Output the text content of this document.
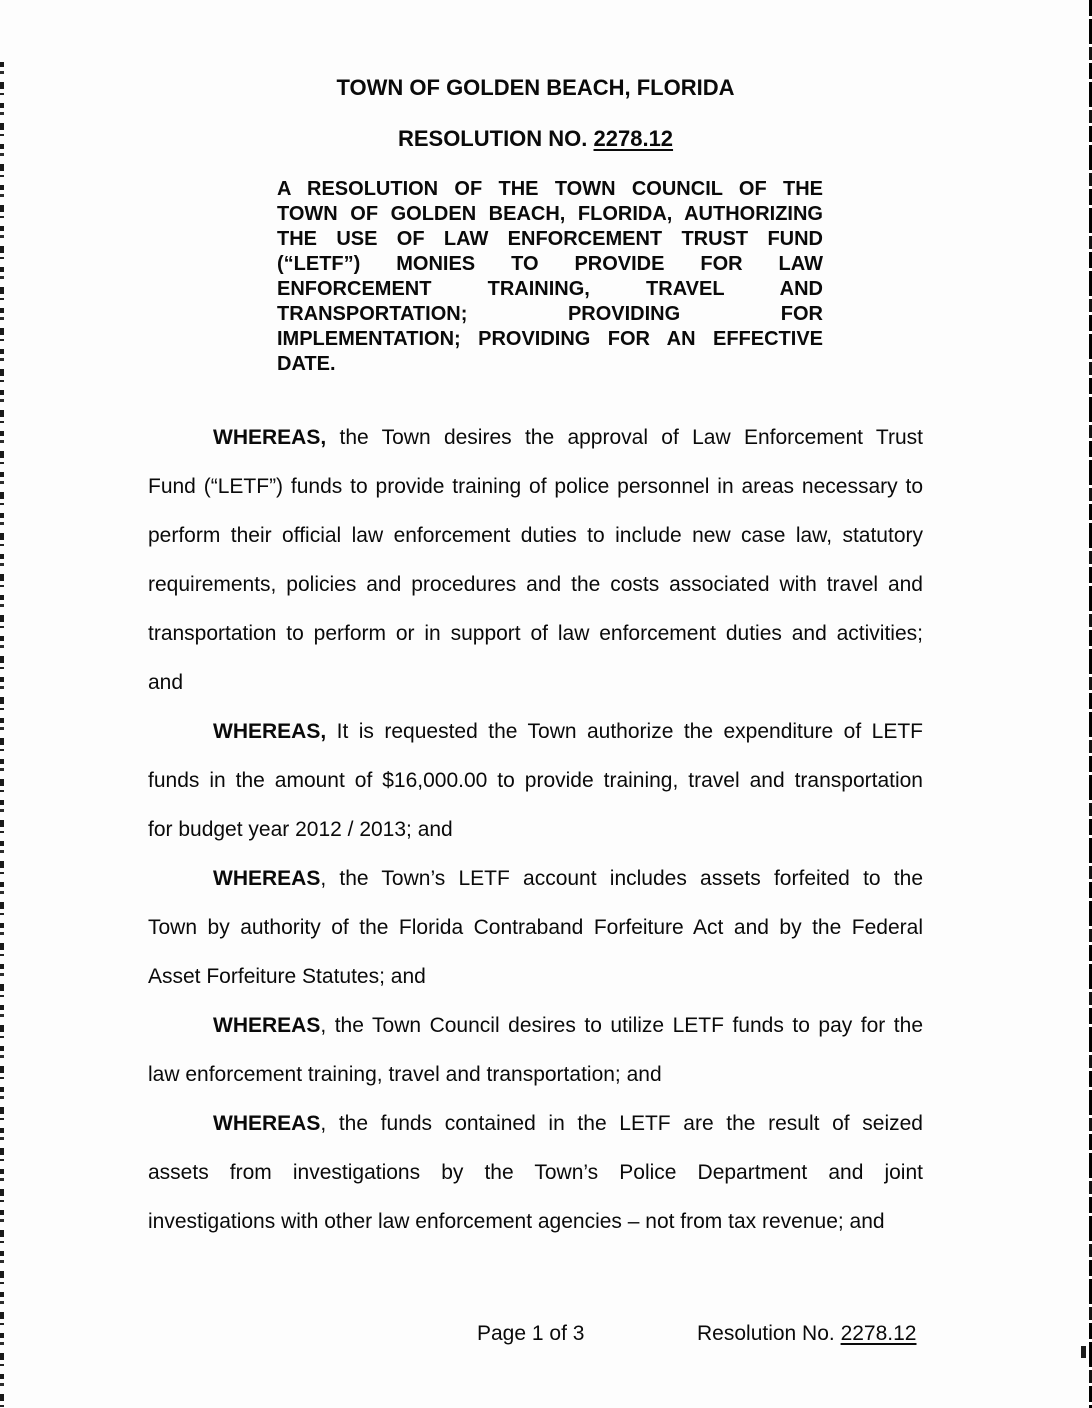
TOWN OF GOLDEN BEACH, FLORIDA
RESOLUTION NO. 2278.12
A RESOLUTION OF THE TOWN COUNCIL OF THE
TOWN OF GOLDEN BEACH, FLORIDA, AUTHORIZING
THE USE OF LAW ENFORCEMENT TRUST FUND
(“LETF”) MONIES TO PROVIDE FOR LAW
ENFORCEMENT TRAINING, TRAVEL AND
TRANSPORTATION; PROVIDING FOR
IMPLEMENTATION; PROVIDING FOR AN EFFECTIVE
DATE.
WHEREAS, the Town desires the approval of Law Enforcement Trust
Fund (“LETF”) funds to provide training of police personnel in areas necessary to
perform their official law enforcement duties to include new case law, statutory
requirements, policies and procedures and the costs associated with travel and
transportation to perform or in support of law enforcement duties and activities;
and
WHEREAS, It is requested the Town authorize the expenditure of LETF
funds in the amount of $16,000.00 to provide training, travel and transportation
for budget year 2012 / 2013; and
WHEREAS, the Town’s LETF account includes assets forfeited to the
Town by authority of the Florida Contraband Forfeiture Act and by the Federal
Asset Forfeiture Statutes; and
WHEREAS, the Town Council desires to utilize LETF funds to pay for the
law enforcement training, travel and transportation; and
WHEREAS, the funds contained in the LETF are the result of seized
assets from investigations by the Town’s Police Department and joint
investigations with other law enforcement agencies – not from tax revenue; and
Page 1 of 3	Resolution No. 2278.12
